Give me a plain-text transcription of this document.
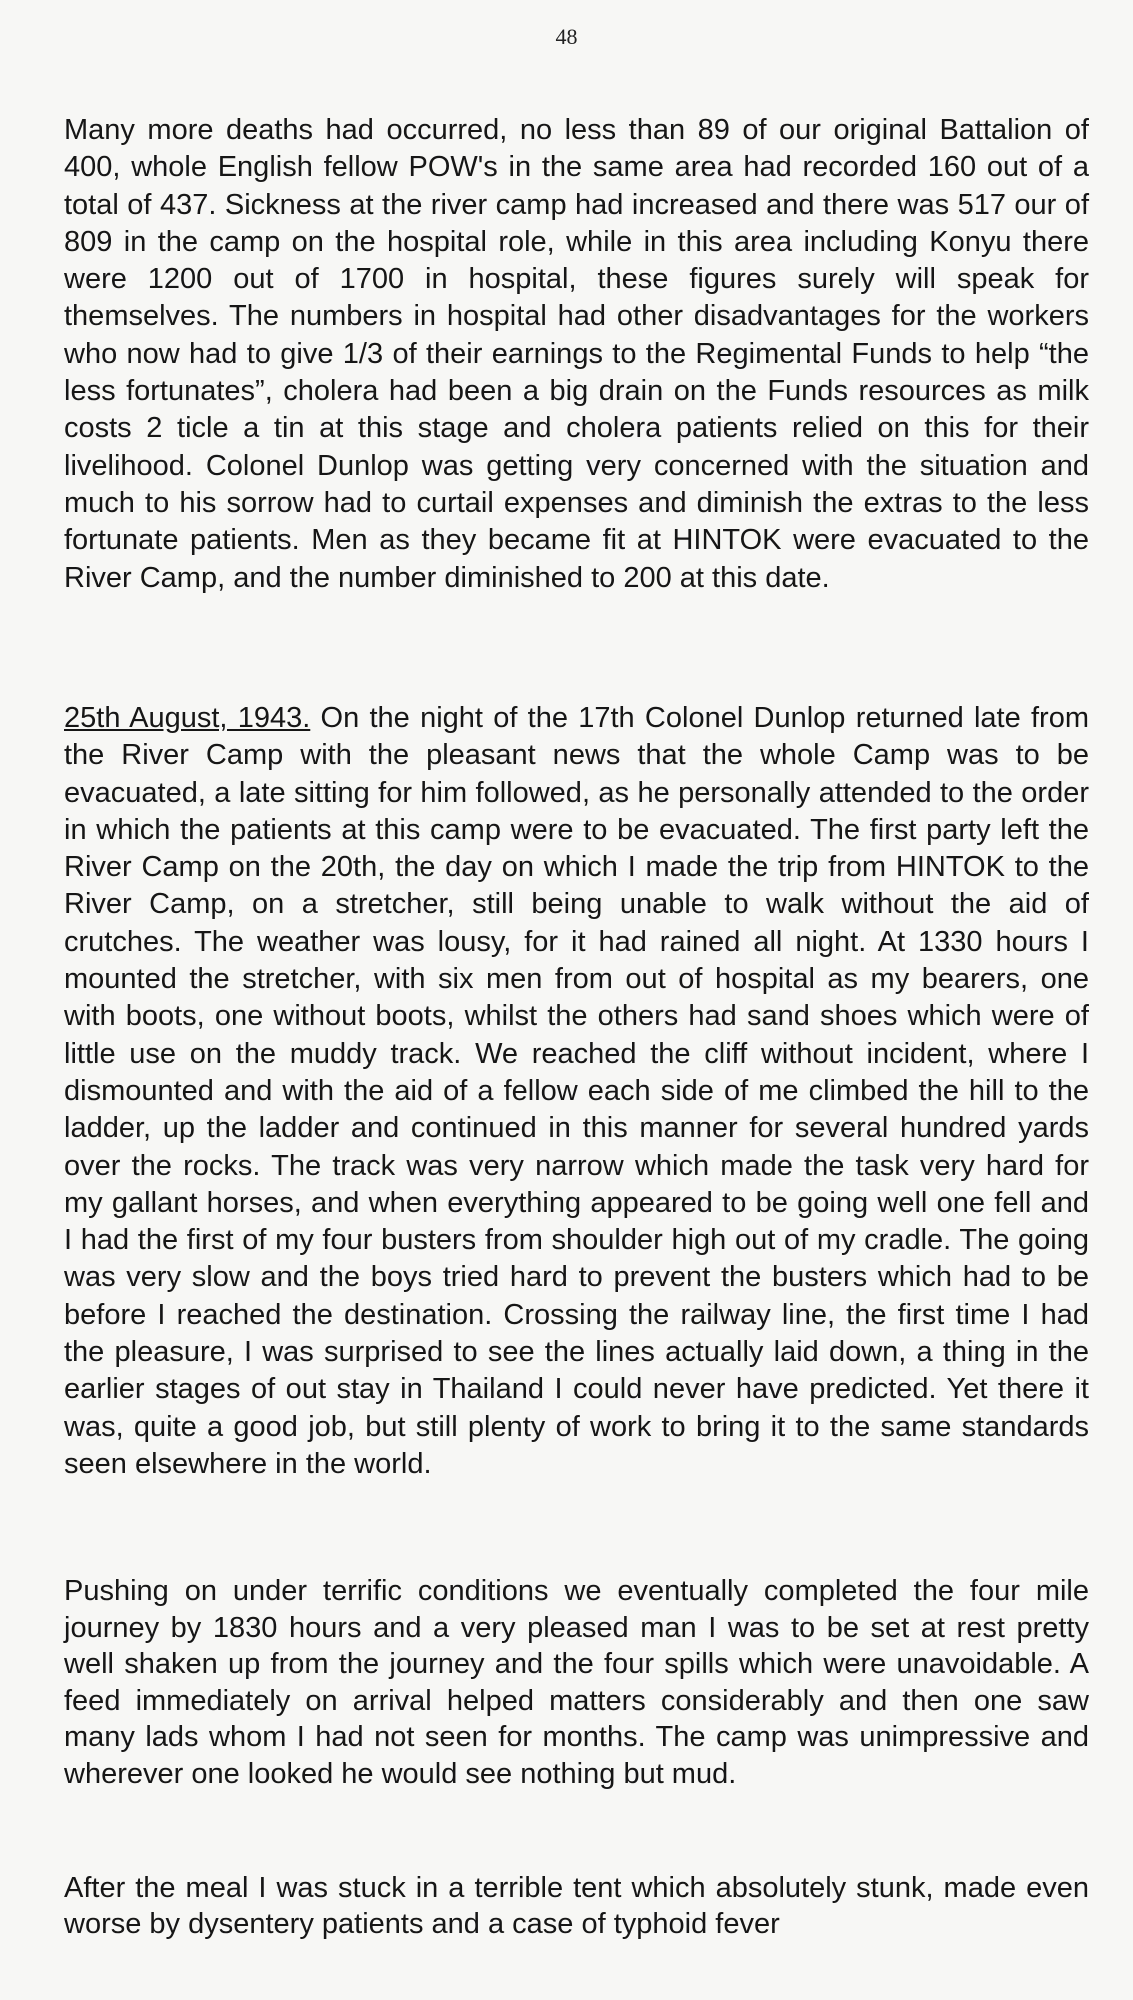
48

Many more deaths had occurred, no less than 89 of our original Battalion of 400, whole English fellow POW's in the same area had recorded 160 out of a total of 437. Sickness at the river camp had increased and there was 517 our of 809 in the camp on the hospital role, while in this area including Konyu there were 1200 out of 1700 in hospital, these figures surely will speak for themselves. The numbers in hospital had other disadvantages for the workers who now had to give 1/3 of their earnings to the Regimental Funds to help “the less fortunates”, cholera had been a big drain on the Funds resources as milk costs 2 ticle a tin at this stage and cholera patients relied on this for their livelihood. Colonel Dunlop was getting very concerned with the situation and much to his sorrow had to curtail expenses and diminish the extras to the less fortunate patients. Men as they became fit at HINTOK were evacuated to the River Camp, and the number diminished to 200 at this date.

25th August, 1943. On the night of the 17th Colonel Dunlop returned late from the River Camp with the pleasant news that the whole Camp was to be evacuated, a late sitting for him followed, as he personally attended to the order in which the patients at this camp were to be evacuated. The first party left the River Camp on the 20th, the day on which I made the trip from HINTOK to the River Camp, on a stretcher, still being unable to walk without the aid of crutches. The weather was lousy, for it had rained all night. At 1330 hours I mounted the stretcher, with six men from out of hospital as my bearers, one with boots, one without boots, whilst the others had sand shoes which were of little use on the muddy track. We reached the cliff without incident, where I dismounted and with the aid of a fellow each side of me climbed the hill to the ladder, up the ladder and continued in this manner for several hundred yards over the rocks. The track was very narrow which made the task very hard for my gallant horses, and when everything appeared to be going well one fell and I had the first of my four busters from shoulder high out of my cradle. The going was very slow and the boys tried hard to prevent the busters which had to be before I reached the destination. Crossing the railway line, the first time I had the pleasure, I was surprised to see the lines actually laid down, a thing in the earlier stages of out stay in Thailand I could never have predicted. Yet there it was, quite a good job, but still plenty of work to bring it to the same standards seen elsewhere in the world.

Pushing on under terrific conditions we eventually completed the four mile journey by 1830 hours and a very pleased man I was to be set at rest pretty well shaken up from the journey and the four spills which were unavoidable. A feed immediately on arrival helped matters considerably and then one saw many lads whom I had not seen for months. The camp was unimpressive and wherever one looked he would see nothing but mud.

After the meal I was stuck in a terrible tent which absolutely stunk, made even worse by dysentery patients and a case of typhoid fever
